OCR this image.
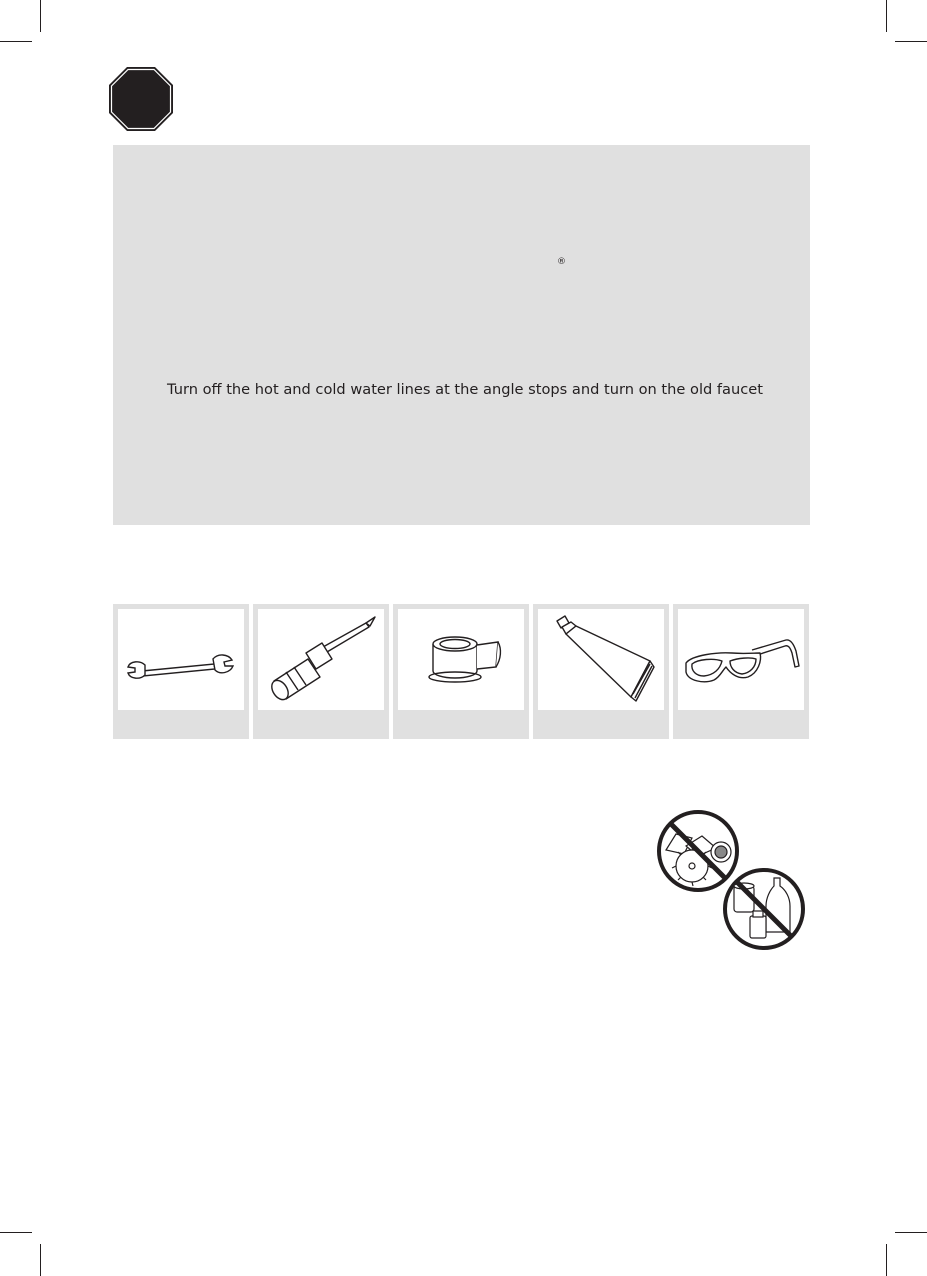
®
Turn off the hot and cold water lines at the angle stops and turn on the old faucet
